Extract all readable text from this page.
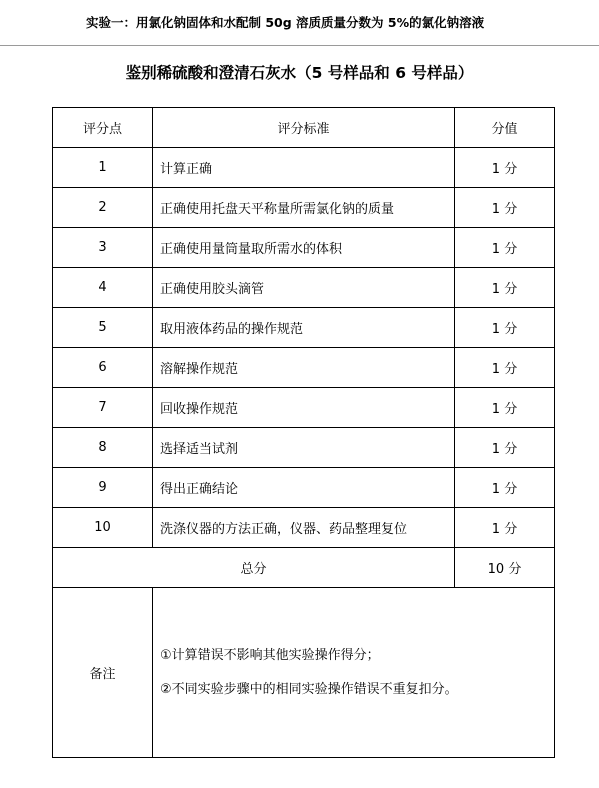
实验一：用氯化钠固体和水配制 50g 溶质质量分数为 5%的氯化钠溶液
鉴别稀硫酸和澄清石灰水（5 号样品和 6 号样品）
评分点	评分标准	分值
1	计算正确	1 分
2	正确使用托盘天平称量所需氯化钠的质量	1 分
3	正确使用量筒量取所需水的体积	1 分
4	正确使用胶头滴管	1 分
5	取用液体药品的操作规范	1 分
6	溶解操作规范	1 分
7	回收操作规范	1 分
8	选择适当试剂	1 分
9	得出正确结论	1 分
10	洗涤仪器的方法正确，仪器、药品整理复位	1 分
总分		10 分
备注	①计算错误不影响其他实验操作得分；
②不同实验步骤中的相同实验操作错误不重复扣分。	
